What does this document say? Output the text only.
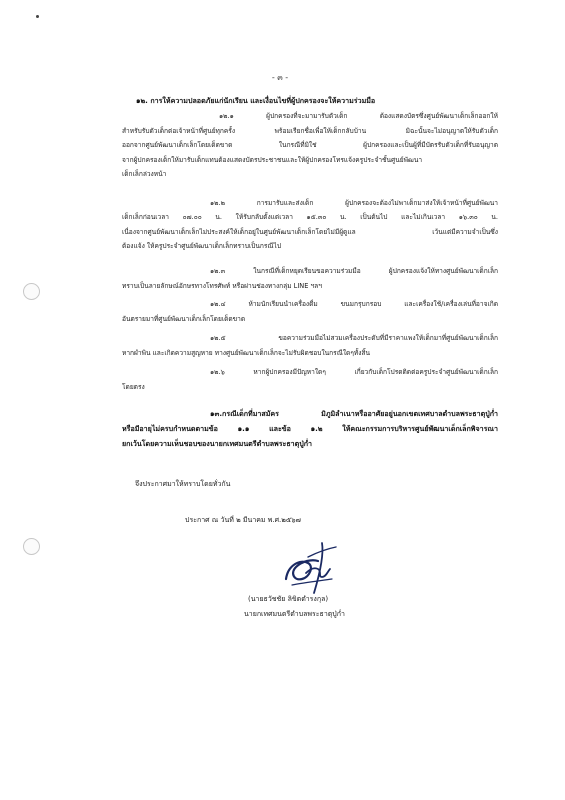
- ๓ -
๑๒. การให้ความปลอดภัยแก่นักเรียน และเงื่อนไขที่ผู้ปกครองจะให้ความร่วมมือ
๑๒.๑ ผู้ปกครองที่จะมามารับตัวเด็ก ต้องแสดงบัตรซึ่งศูนย์พัฒนาเด็กเล็กออกให้
สำหรับรับตัวเด็กต่อเจ้าหน้าที่ศูนย์ทุกครั้ง พร้อมเรียกชื่อเพื่อให้เด็กกลับบ้าน มิฉะนั้นจะไม่อนุญาตให้รับตัวเด็ก
ออกจากศูนย์พัฒนาเด็กเล็กโดยเด็ดขาด ในกรณีที่มิใช่ ผู้ปกครองและเป็นผู้ที่มีบัตรรับตัวเด็กที่รับอนุญาต
จากผู้ปกครองเด็กให้มารับเด็กแทนต้องแสดงบัตรประชาชนและให้ผู้ปกครองโทรแจ้งครูประจำชั้นศูนย์พัฒนา
เด็กเล็กล่วงหน้า
๑๒.๒ การมารับและส่งเด็ก ผู้ปกครองจะต้องไม่พาเด็กมาส่งให้เจ้าหน้าที่ศูนย์พัฒนา
เด็กเล็กก่อนเวลา ๐๗.๐๐ น. ให้รับกลับตั้งแต่เวลา ๑๕.๓๐ น. เป็นต้นไป และไม่เกินเวลา ๑๖.๓๐ น.
เนื่องจากศูนย์พัฒนาเด็กเล็กไม่ประสงค์ให้เด็กอยู่ในศูนย์พัฒนาเด็กเล็กโดยไม่มีผู้ดูแล เว้นแต่มีความจำเป็นซึ่ง
ต้องแจ้ง ให้ครูประจำศูนย์พัฒนาเด็กเล็กทราบเป็นกรณีไป
๑๒.๓ ในกรณีที่เด็กหยุดเรียนขอความร่วมมือ ผู้ปกครองแจ้งให้ทางศูนย์พัฒนาเด็กเล็ก
ทราบเป็นลายลักษณ์อักษรทางโทรศัพท์ หรือผ่านช่องทางกลุ่ม LINE ฯลฯ
๑๒.๔ ห้ามนักเรียนนำเครื่องดื่ม ขนมกรุบกรอบ และเครื่องใช้/เครื่องเล่นที่อาจเกิด
อันตรายมาที่ศูนย์พัฒนาเด็กเล็กโดยเด็ดขาด
๑๒.๕ ขอความร่วมมือไม่สวมเครื่องประดับที่มีราคาแพงให้เด็กมาที่ศูนย์พัฒนาเด็กเล็ก
หากผำพิน และเกิดความสูญหาย ทางศูนย์พัฒนาเด็กเล็กจะไม่รับผิดชอบในกรณีใดๆทั้งสิ้น
๑๒.๖ หากผู้ปกครองมีปัญหาใดๆ เกี่ยวกับเด็กโปรดติดต่อครูประจำศูนย์พัฒนาเด็กเล็ก
โดยตรง
๑๓.กรณีเด็กที่มาสมัคร มิภูมิลำเนาหรืออาศัยอยู่นอกเขตเทศบาลตำบลพระธาตุปู่ก่ำ
หรือมีอายุไม่ครบกำหนดตามข้อ ๑.๑ และข้อ ๑.๒ ให้คณะกรรมการบริหารศูนย์พัฒนาเด็กเล็กพิจารณา
ยกเว้นโดยความเห็นชอบของนายกเทศมนตรีตำบลพระธาตุปู่ก่ำ
จึงประกาศมาให้ทราบโดยทั่วกัน
ประกาศ ณ วันที่ ๒ มีนาคม พ.ศ.๒๕๖๗
(นายธวัชชัย ลิขิตตำรงกุล)
นายกเทศมนตรีตำบลพระธาตุปู่ก่ำ
